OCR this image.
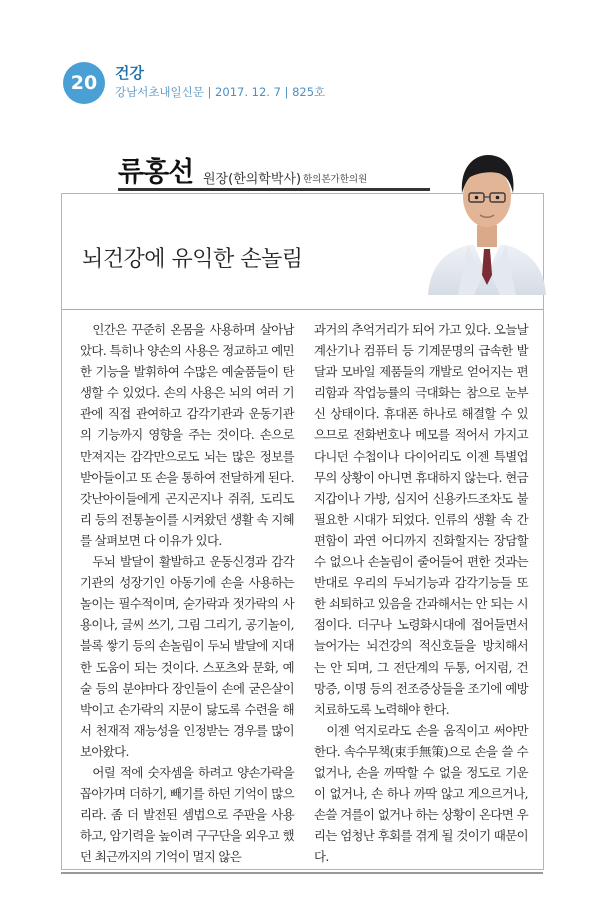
20 건강
강남서초내일신문 | 2017. 12. 7 | 825호
류홍선 원장(한의학박사) 한의본가한의원
뇌건강에 유익한 손놀림

인간은 꾸준히 온몸을 사용하며 살아남았다. 특히나 양손의 사용은 정교하고 예민한 기능을 발휘하여 수많은 예술품들이 탄생할 수 있었다. 손의 사용은 뇌의 여러 기관에 직접 관여하고 감각기관과 운동기관의 기능까지 영향을 주는 것이다. 손으로 만져지는 감각만으로도 뇌는 많은 정보를 받아들이고 또 손을 통하여 전달하게 된다. 갓난아이들에게 곤지곤지나 쥐쥐, 도리도리 등의 전통놀이를 시켜왔던 생활 속 지혜를 살펴보면 다 이유가 있다.

두뇌 발달이 활발하고 운동신경과 감각기관의 성장기인 아동기에 손을 사용하는 놀이는 필수적이며, 숟가락과 젓가락의 사용이나, 글씨 쓰기, 그림 그리기, 공기놀이, 블록 쌓기 등의 손놀림이 두뇌 발달에 지대한 도움이 되는 것이다. 스포츠와 문화, 예술 등의 분야마다 장인들이 손에 굳은살이 박이고 손가락의 지문이 닳도록 수련을 해서 천재적 재능성을 인정받는 경우를 많이 보아왔다.

어릴 적에 숫자셈을 하려고 양손가락을 꼽아가며 더하기, 빼기를 하던 기억이 많으리라. 좀 더 발전된 셈법으로 주판을 사용하고, 암기력을 높이려 구구단을 외우고 했던 최근까지의 기억이 멀지 않은

과거의 추억거리가 되어 가고 있다. 오늘날 계산기나 컴퓨터 등 기계문명의 급속한 발달과 모바일 제품들의 개발로 얻어지는 편리함과 작업능률의 극대화는 참으로 눈부신 상태이다. 휴대폰 하나로 해결할 수 있으므로 전화번호나 메모를 적어서 가지고 다니던 수첩이나 다이어리도 이젠 특별업무의 상황이 아니면 휴대하지 않는다. 현금지갑이나 가방, 심지어 신용카드조차도 불필요한 시대가 되었다. 인류의 생활 속 간편함이 과연 어디까지 진화할지는 장담할 수 없으나 손놀림이 줄어들어 편한 것과는 반대로 우리의 두뇌기능과 감각기능들 또한 쇠퇴하고 있음을 간과해서는 안 되는 시점이다. 더구나 노령화시대에 접어들면서 늘어가는 뇌건강의 적신호들을 방치해서는 안 되며, 그 전단계의 두통, 어지럼, 건망증, 이명 등의 전조증상들을 조기에 예방치료하도록 노력해야 한다.

이젠 억지로라도 손을 움직이고 써야만 한다. 속수무책(束手無策)으로 손을 쓸 수 없거나, 손을 까딱할 수 없을 정도로 기운이 없거나, 손 하나 까딱 않고 게으르거나, 손쓸 겨를이 없거나 하는 상황이 온다면 우리는 엄청난 후회를 겪게 될 것이기 때문이다.
